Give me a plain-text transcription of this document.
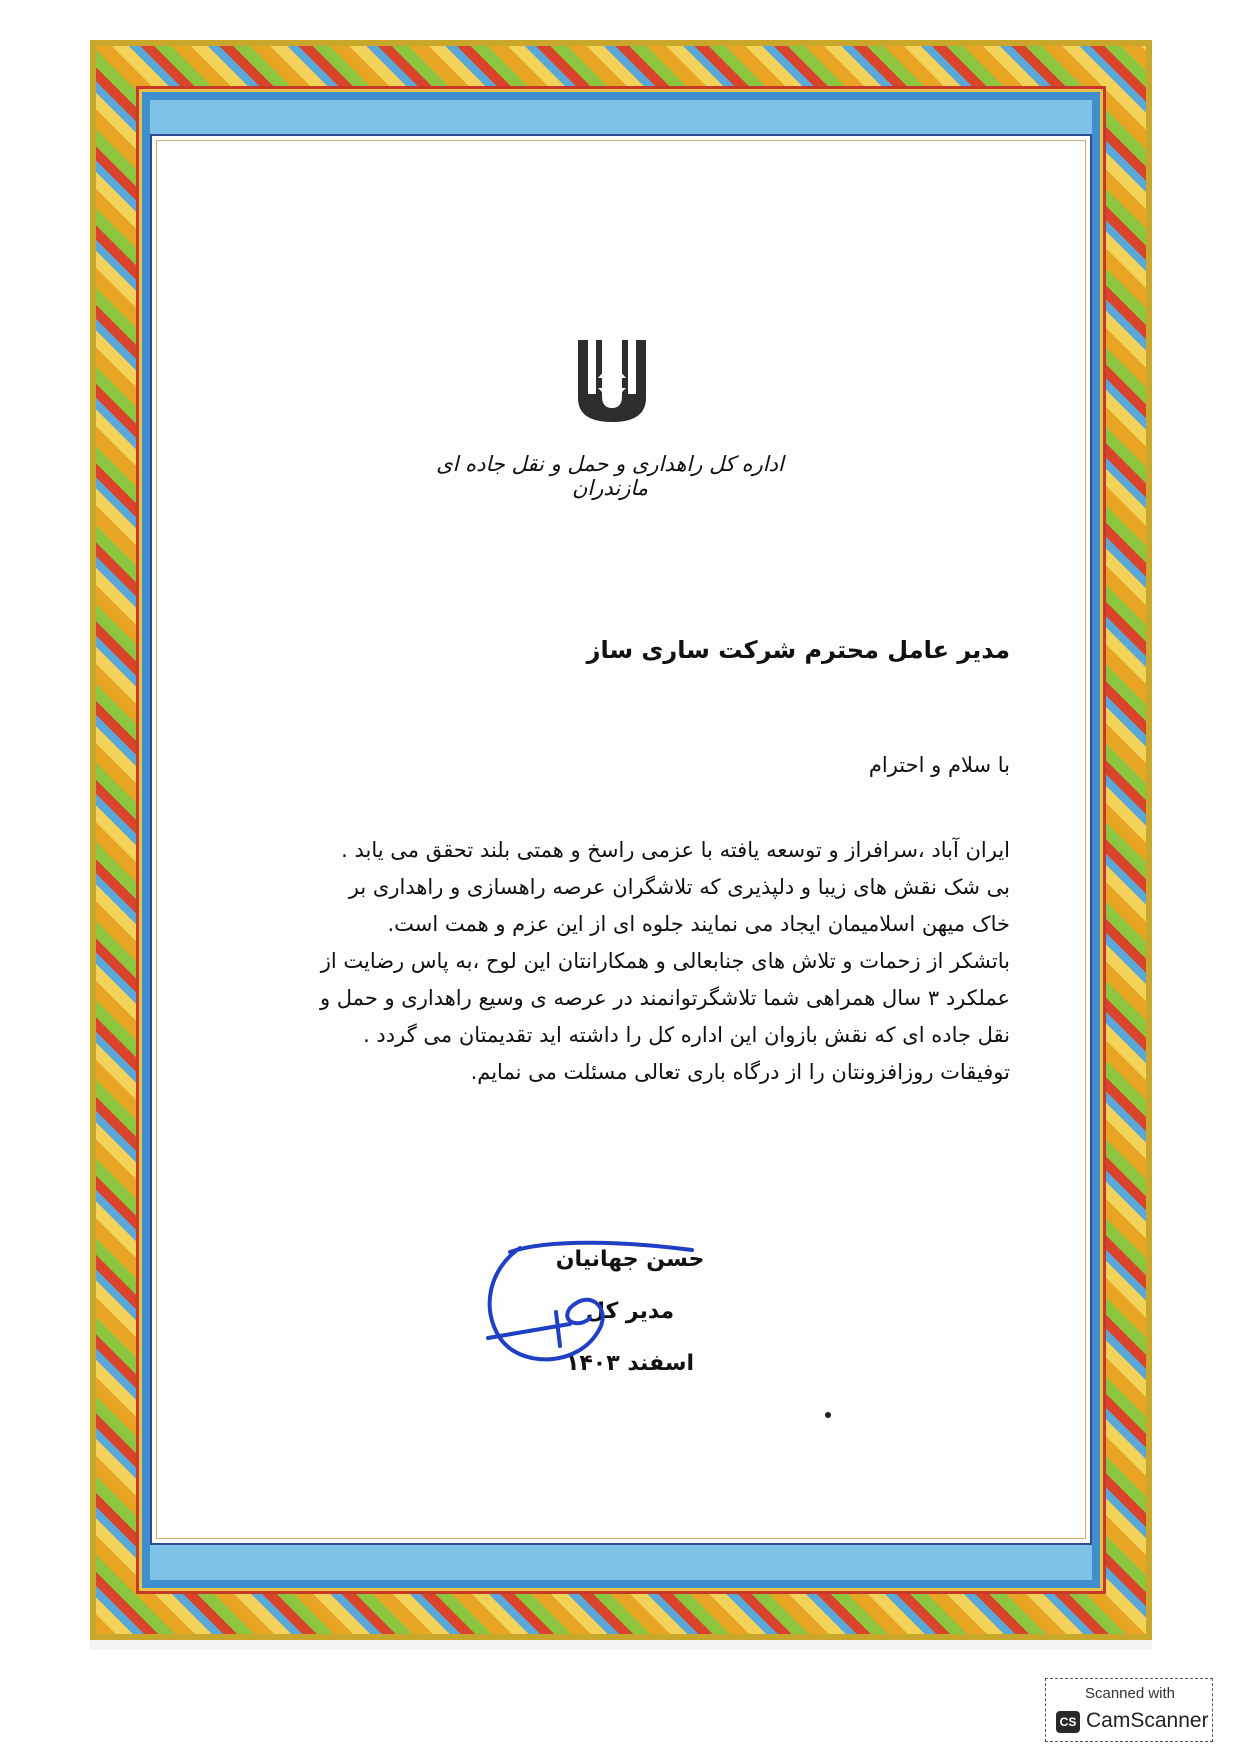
اداره کل راهداری و حمل و نقل جاده ای مازندران
مدیر عامل محترم شرکت ساری ساز
با سلام و احترام

ایران آباد ،سرافراز و توسعه یافته با عزمی راسخ و همتی بلند تحقق می یابد .

بی شک نقش های زیبا و دلپذیری که تلاشگران عرصه راهسازی و راهداری بر

خاک میهن اسلامیمان ایجاد می نمایند جلوه ای از این عزم و همت است.

باتشکر از زحمات و تلاش های جنابعالی و همکارانتان این لوح ،به پاس رضایت از

عملکرد ۳ سال همراهی شما تلاشگرتوانمند در عرصه ی وسیع راهداری و حمل و

نقل جاده ای که نقش بازوان این اداره کل را داشته اید تقدیمتان می گردد .

توفیقات روزافزونتان را از درگاه باری تعالی مسئلت می نمایم.

حسن جهانیان
مدیر کل
اسفند ۱۴۰۳
Scanned with
CS CamScanner
